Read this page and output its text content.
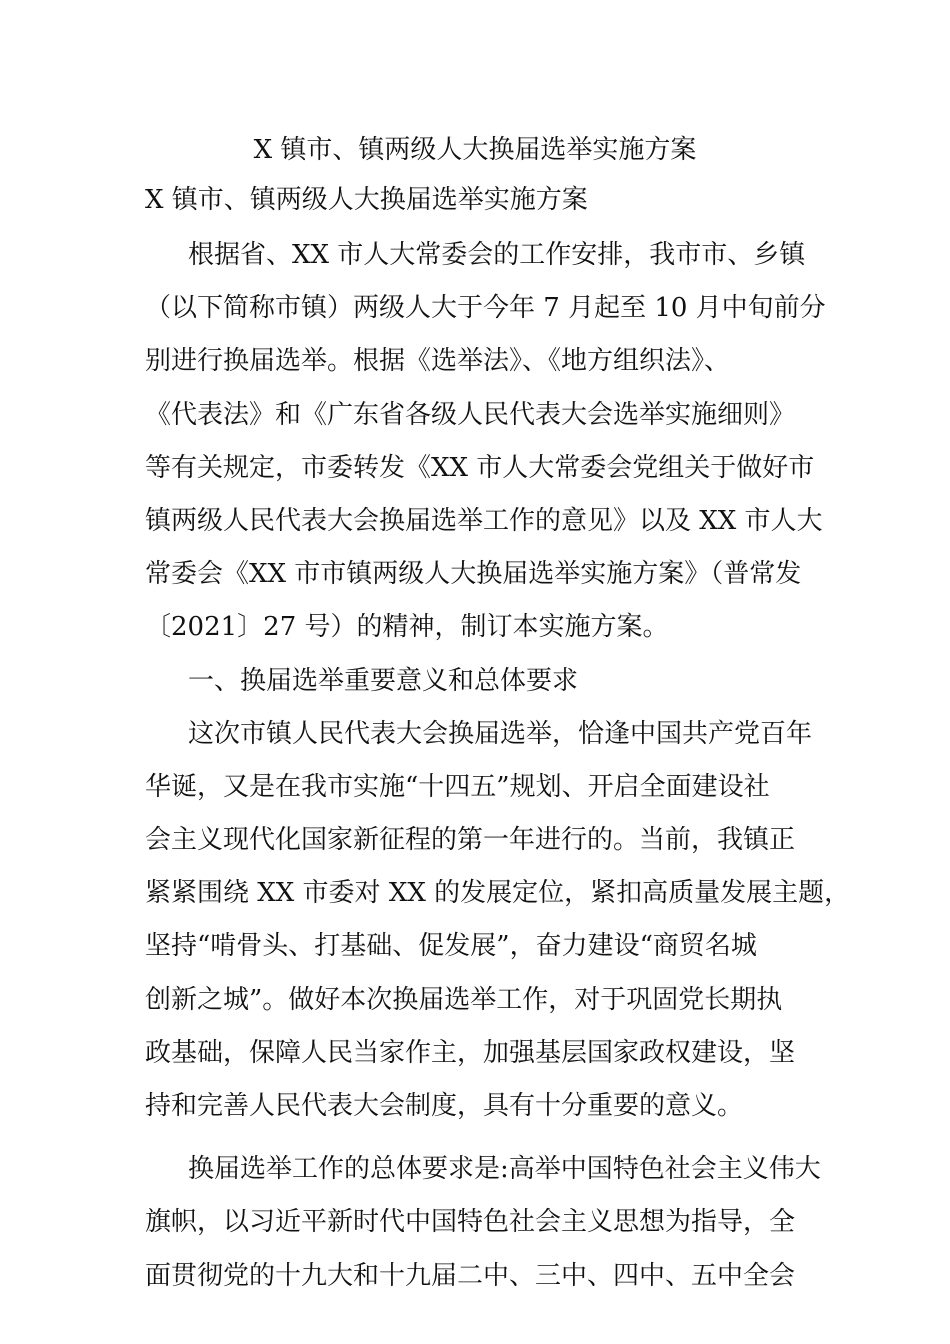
X 镇市、镇两级人大换届选举实施方案
X 镇市、镇两级人大换届选举实施方案
根据省、XX 市人大常委会的工作安排，我市市、乡镇
（以下简称市镇）两级人大于今年 7 月起至 10 月中旬前分
别进行换届选举。根据《选举法》、《地方组织法》、
《代表法》和《广东省各级人民代表大会选举实施细则》
等有关规定，市委转发《XX 市人大常委会党组关于做好市
镇两级人民代表大会换届选举工作的意见》以及 XX 市人大
常委会《XX 市市镇两级人大换届选举实施方案》（普常发
〔2021〕27 号）的精神，制订本实施方案。
一、换届选举重要意义和总体要求
这次市镇人民代表大会换届选举，恰逢中国共产党百年
华诞，又是在我市实施“十四五”规划、开启全面建设社
会主义现代化国家新征程的第一年进行的。当前，我镇正
紧紧围绕 XX 市委对 XX 的发展定位，紧扣高质量发展主题，
坚持“啃骨头、打基础、促发展”，奋力建设“商贸名城
创新之城”。做好本次换届选举工作，对于巩固党长期执
政基础，保障人民当家作主，加强基层国家政权建设，坚
持和完善人民代表大会制度，具有十分重要的意义。
换届选举工作的总体要求是:高举中国特色社会主义伟大
旗帜，以习近平新时代中国特色社会主义思想为指导，全
面贯彻党的十九大和十九届二中、三中、四中、五中全会
